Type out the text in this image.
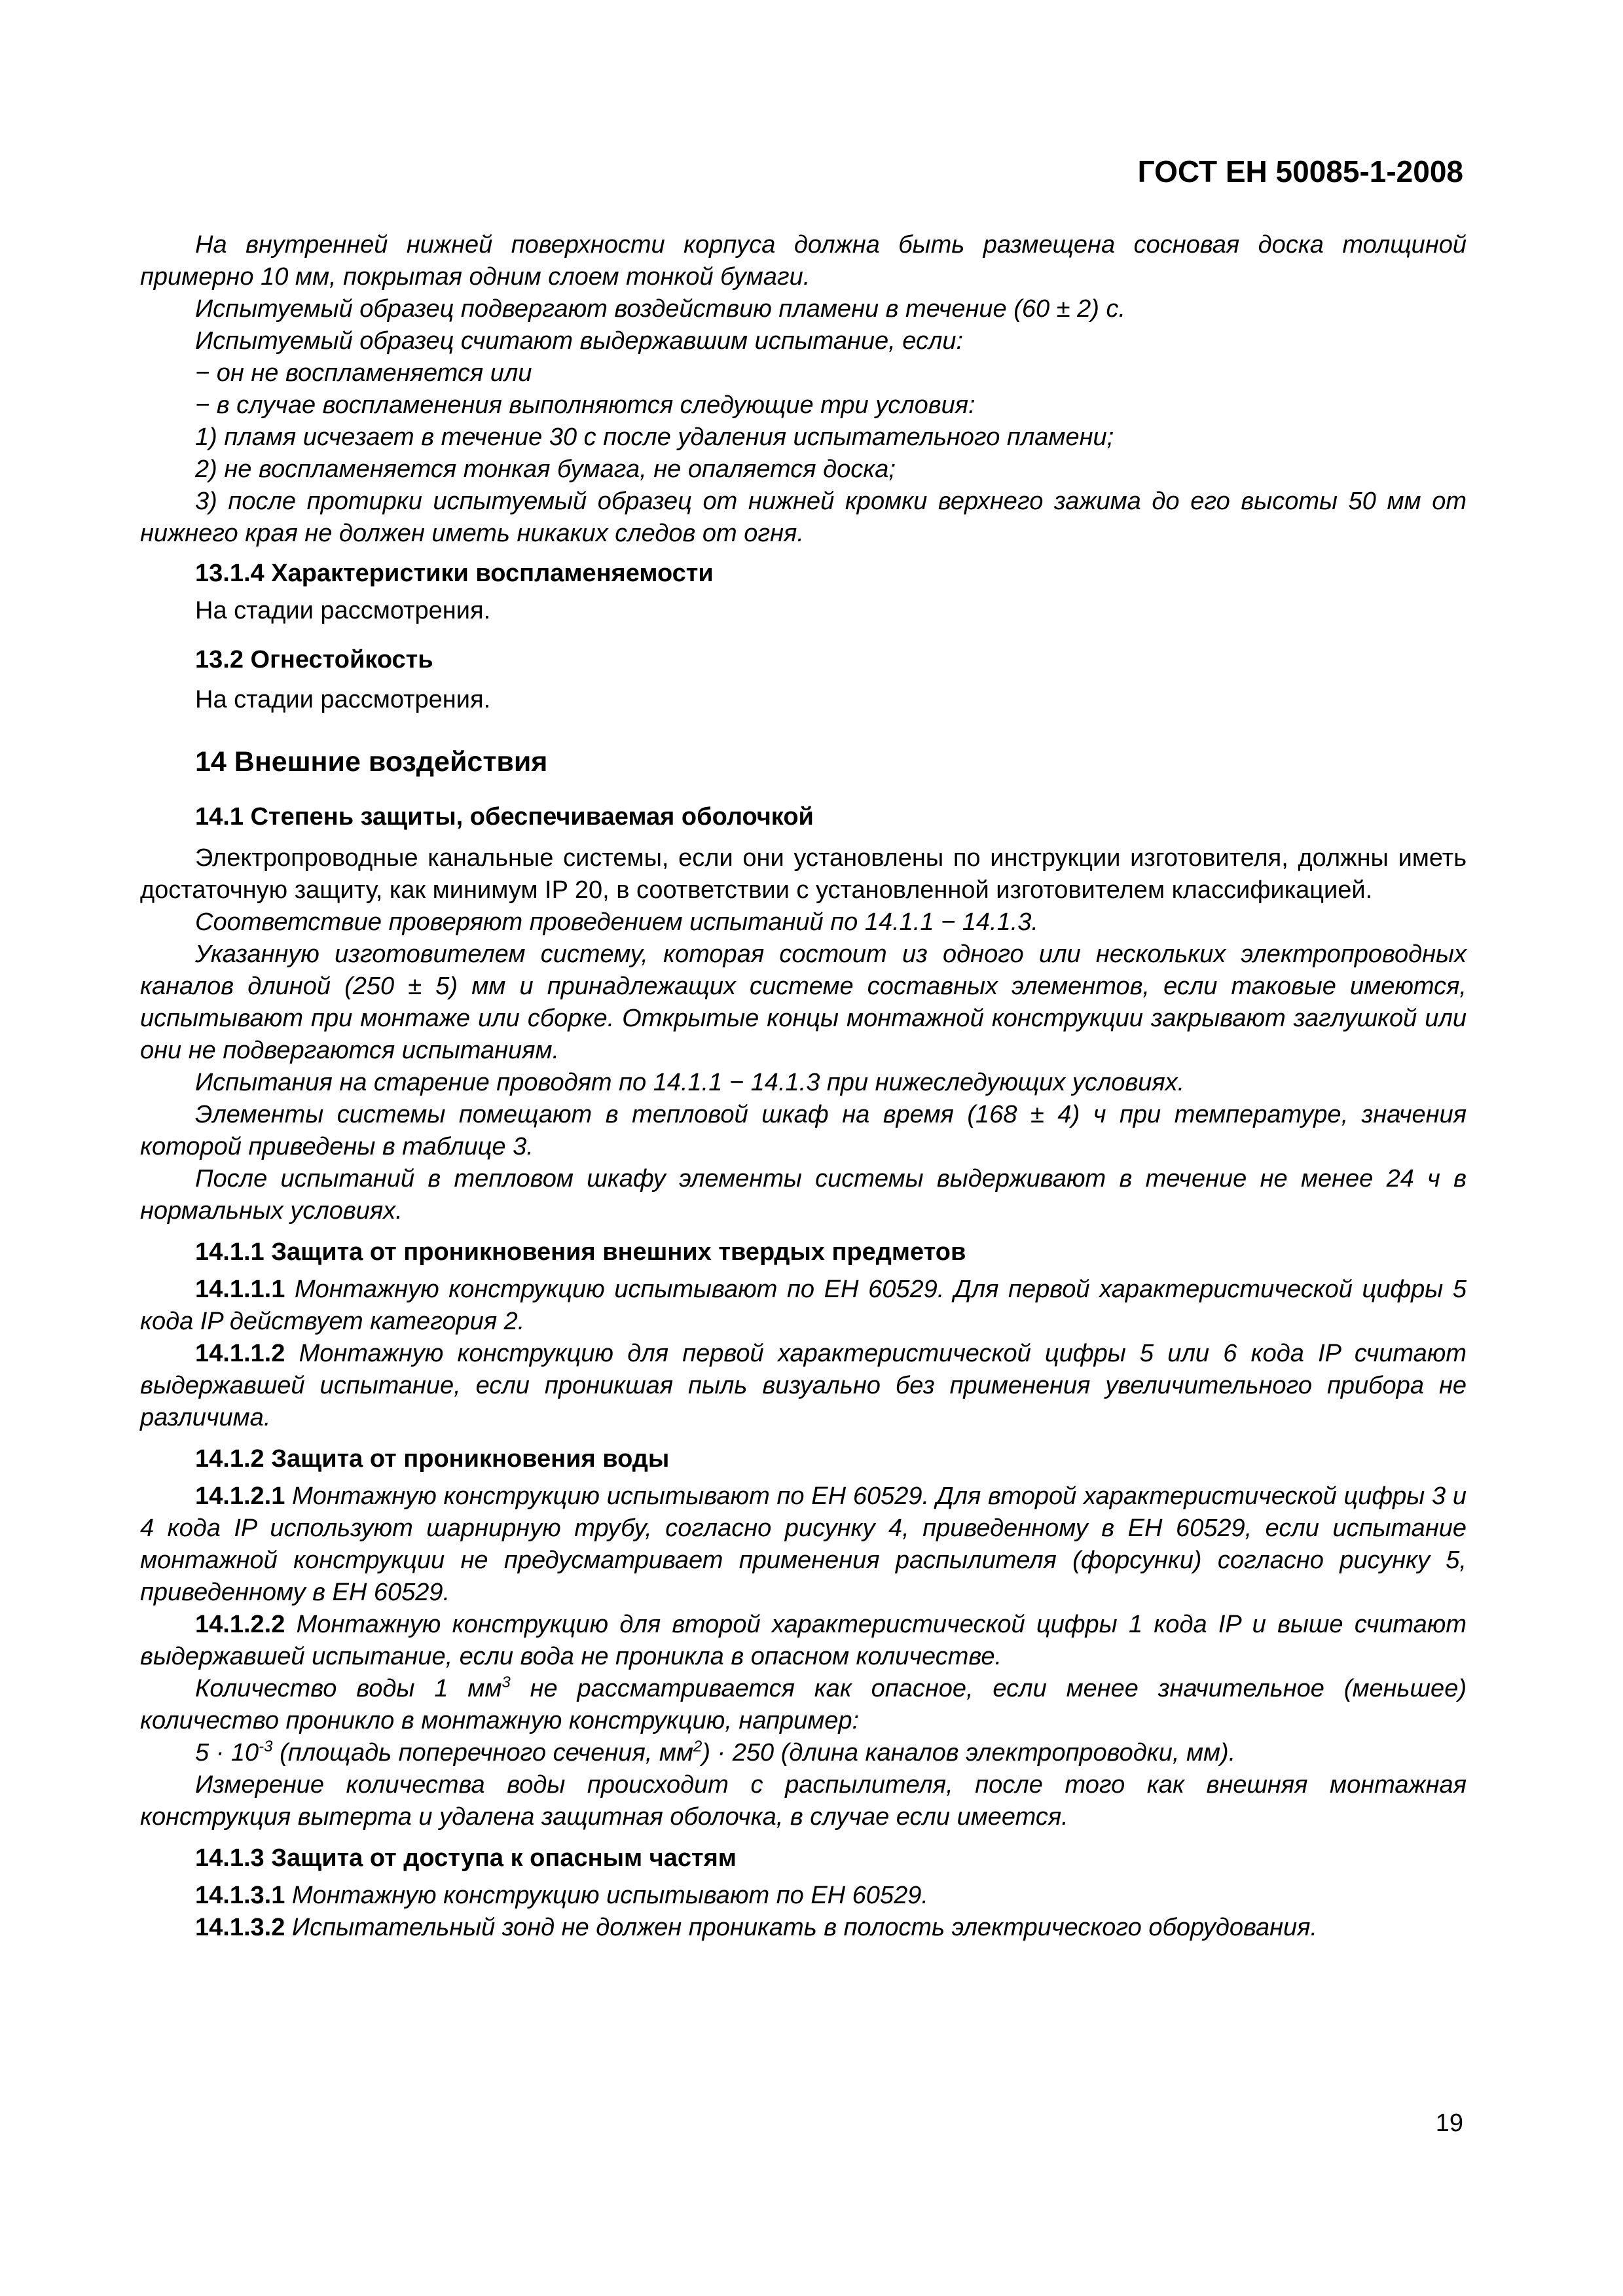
ГОСТ ЕН 50085-1-2008

На внутренней нижней поверхности корпуса должна быть размещена сосновая доска толщиной примерно 10 мм, покрытая одним слоем тонкой бумаги.

Испытуемый образец подвергают воздействию пламени в течение (60 ± 2) с.

Испытуемый образец считают выдержавшим испытание, если:

− он не воспламеняется или

− в случае воспламенения выполняются следующие три условия:

1) пламя исчезает в течение 30 с после удаления испытательного пламени;

2) не воспламеняется тонкая бумага, не опаляется доска;

3) после протирки испытуемый образец от нижней кромки верхнего зажима до его высоты 50 мм от нижнего края не должен иметь никаких следов от огня.

13.1.4 Характеристики воспламеняемости

На стадии рассмотрения.

13.2 Огнестойкость

На стадии рассмотрения.

14 Внешние воздействия

14.1 Степень защиты, обеспечиваемая оболочкой

Электропроводные канальные системы, если они установлены по инструкции изготовителя, должны иметь достаточную защиту, как минимум IP 20, в соответствии с установленной изготовителем классификацией.

Соответствие проверяют проведением испытаний по 14.1.1 − 14.1.3.

Указанную изготовителем систему, которая состоит из одного или нескольких электропроводных каналов длиной (250 ± 5) мм и принадлежащих системе составных элементов, если таковые имеются, испытывают при монтаже или сборке. Открытые концы монтажной конструкции закрывают заглушкой или они не подвергаются испытаниям.

Испытания на старение проводят по 14.1.1 − 14.1.3 при нижеследующих условиях.

Элементы системы помещают в тепловой шкаф на время (168 ± 4) ч при температуре, значения которой приведены в таблице 3.

После испытаний в тепловом шкафу элементы системы выдерживают в течение не менее 24 ч в нормальных условиях.

14.1.1 Защита от проникновения внешних твердых предметов

14.1.1.1 Монтажную конструкцию испытывают по ЕН 60529. Для первой характеристической цифры 5 кода IP действует категория 2.

14.1.1.2 Монтажную конструкцию для первой характеристической цифры 5 или 6 кода IP считают выдержавшей испытание, если проникшая пыль визуально без применения увеличительного прибора не различима.

14.1.2 Защита от проникновения воды

14.1.2.1 Монтажную конструкцию испытывают по ЕН 60529. Для второй характеристической цифры 3 и 4 кода IP используют шарнирную трубу, согласно рисунку 4, приведенному в ЕН 60529, если испытание монтажной конструкции не предусматривает применения распылителя (форсунки) согласно рисунку 5, приведенному в ЕН 60529.

14.1.2.2 Монтажную конструкцию для второй характеристической цифры 1 кода IP и выше считают выдержавшей испытание, если вода не проникла в опасном количестве.

Количество воды 1 $мм^3$ не рассматривается как опасное, если менее значительное (меньшее) количество проникло в монтажную конструкцию, например:

$5 \cdot 10^{-3}$ (площадь поперечного сечения, $мм^2) \cdot 250$ (длина каналов электропроводки, мм).

Измерение количества воды происходит с распылителя, после того как внешняя монтажная конструкция вытерта и удалена защитная оболочка, в случае если имеется.

14.1.3 Защита от доступа к опасным частям

14.1.3.1 Монтажную конструкцию испытывают по ЕН 60529.

14.1.3.2 Испытательный зонд не должен проникать в полость электрического оборудования.

19
